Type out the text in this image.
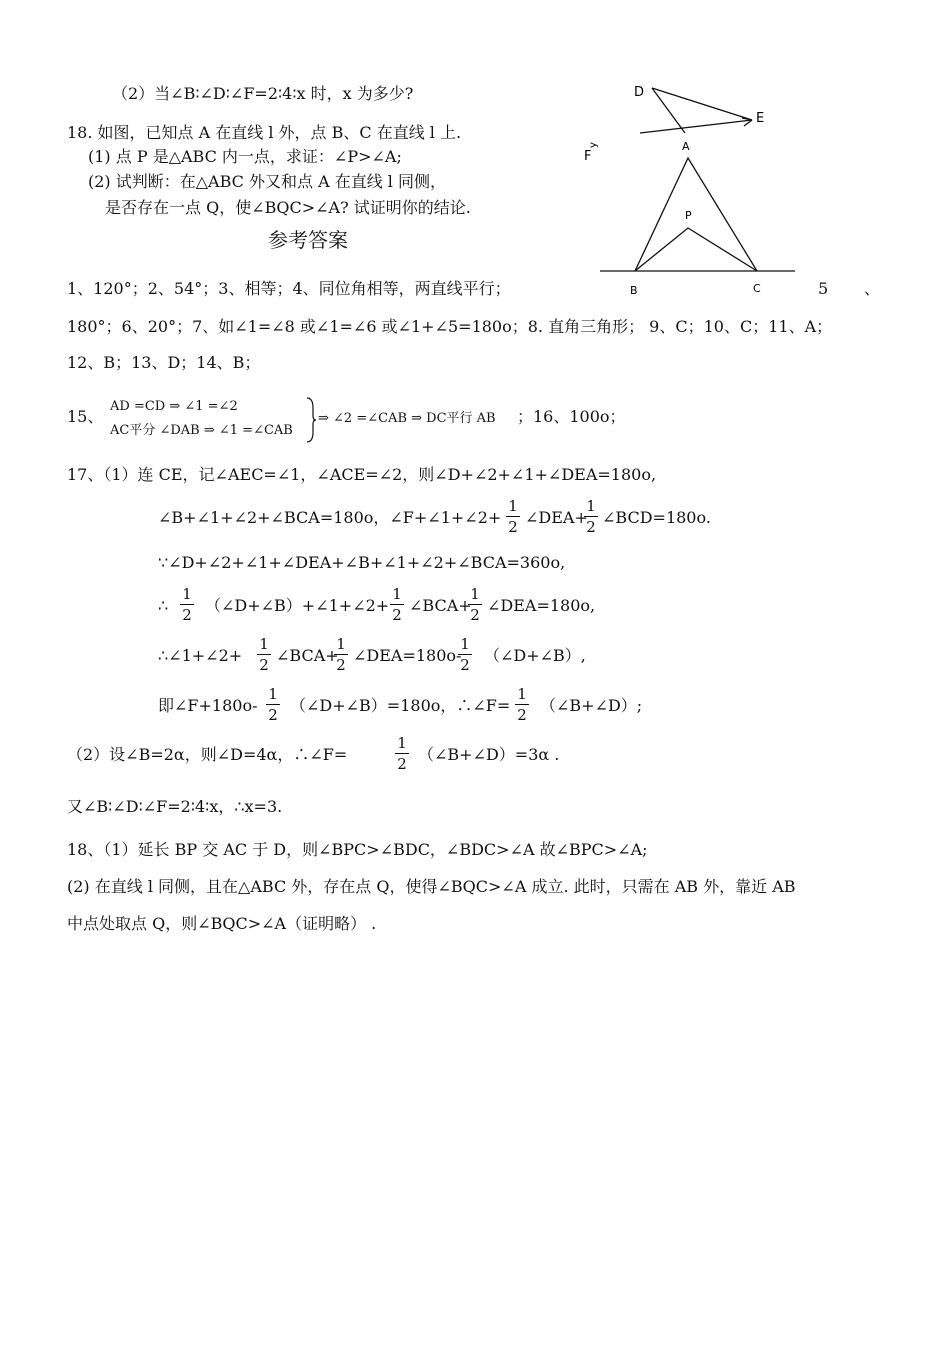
（2）当∠B∶∠D∶∠F=2∶4∶x 时，x 为多少?
18. 如图，已知点 A 在直线 l 外，点 B、C 在直线 l 上.
(1) 点 P 是△ABC 内一点，求证：∠P>∠A;
(2) 试判断：在△ABC 外又和点 A 在直线 l 同侧，
是否存在一点 Q，使∠BQC>∠A? 试证明你的结论.
参考答案
D
E
A
F
y
P
B	C
1、120°；2、54°；3、相等；4、同位角相等，两直线平行；	5 、
180°；6、20°；7、如∠1=∠8 或∠1=∠6 或∠1+∠5=180o；8. 直角三角形； 9、C；10、C；11、A；
12、B；13、D；14、B；
15、
AD =CD ⇒ ∠1 =∠2
AC平分 ∠DAB ⇒ ∠1 =∠CAB
⇒ ∠2 =∠CAB ⇒ DC平行 AB ；16、100o；
17、（1）连 CE，记∠AEC=∠1，∠ACE=∠2，则∠D+∠2+∠1+∠DEA=180o,
∠B+∠1+∠2+∠BCA=180o，∠F+∠1+∠2+
1
2 ∠DEA+
1
2 ∠BCD=180o.
∵∠D+∠2+∠1+∠DEA+∠B+∠1+∠2+∠BCA=360o,
∴
1
2 （∠D+∠B）+∠1+∠2+
1
2 ∠BCA+
1
2 ∠DEA=180o,
∴∠1+∠2+
1
2 ∠BCA+
1
2 ∠DEA=180o-
1
2 （∠D+∠B）,
即∠F+180o-
1
2 （∠D+∠B）=180o，∴∠F=
1
2 （∠B+∠D）;
（2）设∠B=2α，则∠D=4α，∴∠F=
1
2 （∠B+∠D）=3α .
又∠B∶∠D∶∠F=2∶4∶x，∴x=3.
18、（1）延长 BP 交 AC 于 D，则∠BPC>∠BDC，∠BDC>∠A 故∠BPC>∠A;
(2) 在直线 l 同侧，且在△ABC 外，存在点 Q，使得∠BQC>∠A 成立. 此时，只需在 AB 外，靠近 AB
中点处取点 Q，则∠BQC>∠A（证明略） .
